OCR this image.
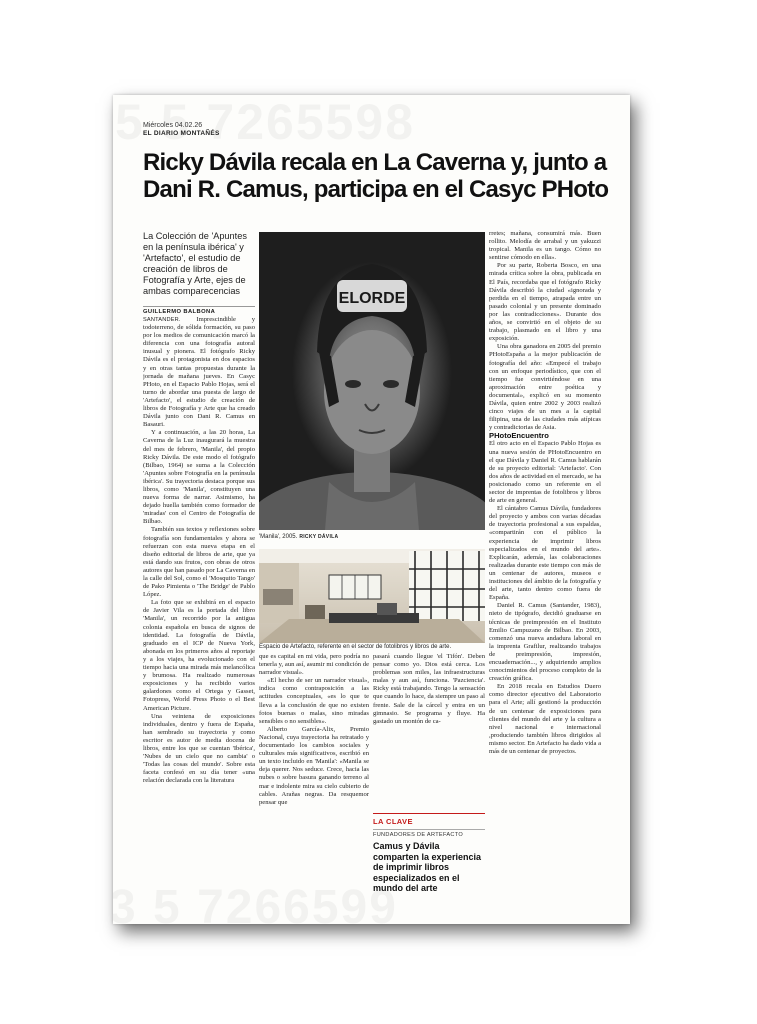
Miércoles 04.02.26
EL DIARIO MONTAÑÉS
Ricky Dávila recala en La Caverna y, junto a Dani R. Camus, participa en el Casyc PHoto

La Colección de 'Apuntes en la península ibérica' y 'Artefacto', el estudio de creación de libros de Fotografía y Arte, ejes de ambas comparecencias

GUILLERMO BALBONA

SANTANDER. Imprescindible y todoterreno, de sólida formación, su paso por los medios de comunicación marcó la diferencia con una fotografía autoral inusual y pionera. El fotógrafo Ricky Dávila es el protagonista en dos espacios y en otras tantas propuestas durante la jornada de mañana jueves. En Casyc PHoto, en el Espacio Pablo Hojas, será el turno de abordar una puesta de largo de 'Artefacto', el estudio de creación de libros de Fotografía y Arte que ha creado Dávila junto con Dani R. Camus en Basauri.

Y a continuación, a las 20 horas, La Caverna de la Luz inaugurará la muestra del mes de febrero, 'Manila', del propio Ricky Dávila. De este modo el fotógrafo (Bilbao, 1964) se suma a la Colección 'Apuntes sobre Fotografía en la península ibérica'. Su trayectoria destaca porque sus libros, como 'Manila', constituyen una nueva forma de narrar. Asimismo, ha dejado huella también como formador de 'miradas' con el Centro de Fotografía de Bilbao.

También sus textos y reflexiones sobre fotografía son fundamentales y ahora se refuerzan con esta nueva etapa en el diseño editorial de libros de arte, que ya está dando sus frutos, con obras de otros autores que han pasado por La Caverna en la calle del Sol, como el 'Mosquito Tango' de Pako Pimienta o 'The Bridge' de Pablo López.

La foto que se exhibirá en el espacio de Javier Vila es la portada del libro 'Manila', un recorrido por la antigua colonia española en busca de signos de identidad. La fotografía de Dávila, graduado en el ICP de Nueva York, abonada en los primeros años al reportaje y a los viajes, ha evolucionado con el tiempo hacia una mirada más melancólica y brumosa. Ha realizado numerosas exposiciones y ha recibido varios galardones como el Ortega y Gasset, Fotopress, World Press Photo o el Best American Picture.

Una veintena de exposiciones individuales, dentro y fuera de España, han sembrado su trayectoria y como escritor es autor de media docena de libros, entre los que se cuentan 'Ibérica', 'Nubes de un cielo que no cambia' o 'Todas las cosas del mundo'. Sobre esta faceta confesó en su día tener «una relación declarada con la literatura

ELORDE
'Manila', 2005. RICKY DÁVILA
Espacio de Artefacto, referente en el sector de fotolibros y libros de arte.

que es capital en mi vida, pero podría no tenerla y, aun así, asumir mi condición de narrador visual».

«El hecho de ser un narrador visual», indica como contraposición a las actitudes conceptuales, «es lo que te lleva a la conclusión de que no existen fotos buenas o malas, sino miradas sensibles o no sensibles».

Alberto García-Alix, Premio Nacional, cuya trayectoria ha retratado y documentado los cambios sociales y culturales más significativos, escribió en un texto incluido en 'Manila': «Manila se deja querer. Nos seduce. Crece, hacia las nubes o sobre basura ganando terreno al mar e indolente mira su cielo cubierto de cables. Arañas negras. Da resquemor pensar que

pasará cuando llegue 'el Tifón'. Deben pensar como yo. Dios está cerca. Los problemas son miles, las infraestructuras malas y aun así, funciona. 'Pazciencia'. Ricky está trabajando. Tengo la sensación que cuando lo hace, da siempre un paso al frente. Sale de la cárcel y entra en un gimnasio. Se programa y fluye. Ha gastado un montón de ca-

LA CLAVE
FUNDADORES DE ARTEFACTO
Camus y Dávila comparten la experiencia de imprimir libros especializados en el mundo del arte

rretes; mañana, consumirá más. Buen rollito. Melodía de arrabal y un yakuzzi tropical. Manila es un tango. Cómo no sentirse cómodo en ella».

Por su parte, Roberta Bosco, en una mirada crítica sobre la obra, publicada en El País, recordaba que el fotógrafo Ricky Dávila describió la ciudad «ignorada y perdida en el tiempo, atrapada entre un pasado colonial y un presente dominado por las contradicciones». Durante dos años, se convirtió en el objeto de su trabajo, plasmado en el libro y una exposición.

Una obra ganadora en 2005 del premio PHotoEspaña a la mejor publicación de fotografía del año: «Empecé el trabajo con un enfoque periodístico, que con el tiempo fue convirtiéndose en una aproximación entre poética y documental», explicó en su momento Dávila, quien entre 2002 y 2003 realizó cinco viajes de un mes a la capital filipina, una de las ciudades más atípicas y contradictorias de Asia.

PHotoEncuentro

El otro acto en el Espacio Pablo Hojas es una nueva sesión de PHotoEncuentro en el que Dávila y Daniel R. Camus hablarán de su proyecto editorial: 'Artefacto'. Con dos años de actividad en el mercado, se ha posicionado como un referente en el sector de imprentas de fotolibros y libros de arte en general.

El cántabro Camus Dávila, fundadores del proyecto y ambos con varias décadas de trayectoria profesional a sus espaldas, «compartirán con el público la experiencia de imprimir libros especializados en el mundo del arte». Explicarán, además, las colaboraciones realizadas durante este tiempo con más de un centenar de autores, museos e instituciones del ámbito de la fotografía y del arte, tanto dentro como fuera de España.

Daniel R. Camus (Santander, 1983), nieto de tipógrafo, decidió graduarse en técnicas de preimpresión en el Instituto Emilio Campuzano de Bilbao. En 2003, comenzó una nueva andadura laboral en la imprenta Grafilur, realizando trabajos de preimpresión, impresión, encuadernación..., y adquiriendo amplios conocimientos del proceso completo de la creación gráfica.

En 2018 recala en Estudios Duero como director ejecutivo del Laboratorio para el Arte; allí gestionó la producción de un centenar de exposiciones para clientes del mundo del arte y la cultura a nivel nacional e internacional ,produciendo también libros dirigidos al mismo sector. En Artefacto ha dado vida a más de un centenar de proyectos.
